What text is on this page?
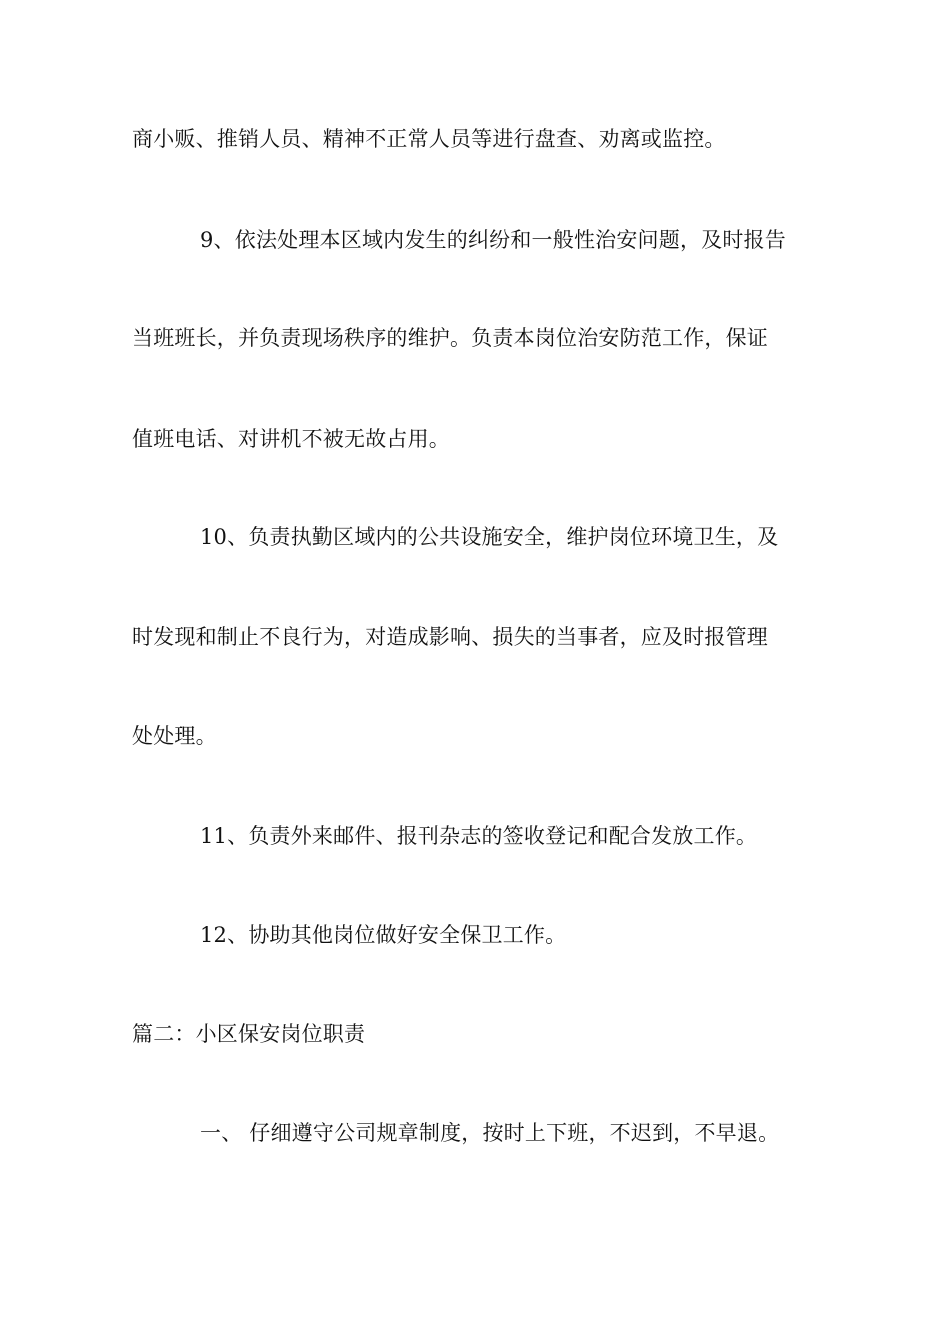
商小贩、推销人员、精神不正常人员等进行盘查、劝离或监控。
9、依法处理本区域内发生的纠纷和一般性治安问题，及时报告
当班班长，并负责现场秩序的维护。负责本岗位治安防范工作，保证
值班电话、对讲机不被无故占用。
10、负责执勤区域内的公共设施安全，维护岗位环境卫生，及
时发现和制止不良行为，对造成影响、损失的当事者，应及时报管理
处处理。
11、负责外来邮件、报刊杂志的签收登记和配合发放工作。
12、协助其他岗位做好安全保卫工作。
篇二：小区保安岗位职责
一、 仔细遵守公司规章制度，按时上下班，不迟到，不早退。
